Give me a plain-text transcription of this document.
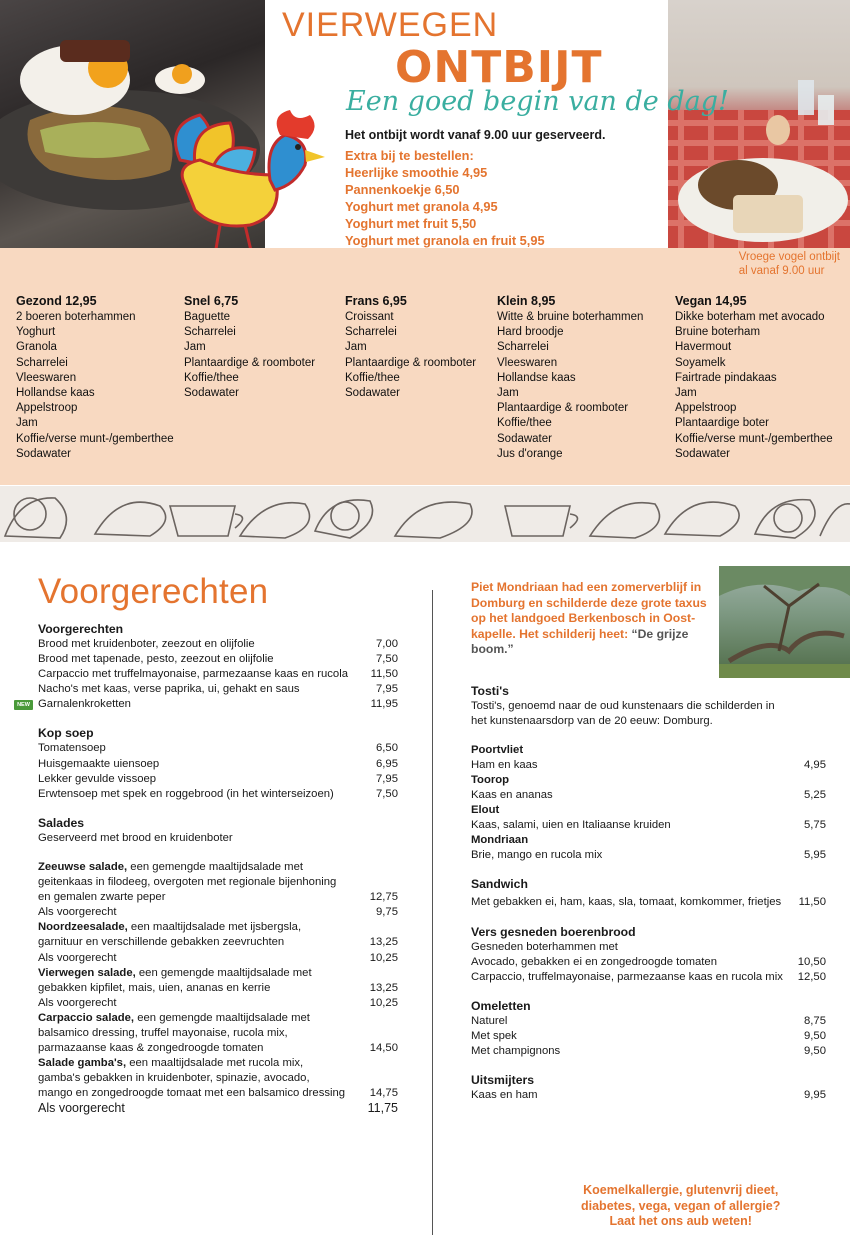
VIERWEGEN
ONTBIJT
Een goed begin van de dag!
Het ontbijt wordt vanaf 9.00 uur geserveerd.
Extra bij te bestellen:
Heerlijke smoothie 4,95
Pannenkoekje 6,50
Yoghurt met granola 4,95
Yoghurt met fruit 5,50
Yoghurt met granola en fruit 5,95
Vroege vogel ontbijt
al vanaf 9.00 uur
Gezond 12,95
2 boeren boterhammen
Yoghurt
Granola
Scharrelei
Vleeswaren
Hollandse kaas
Appelstroop
Jam
Koffie/verse munt-/gemberthee
Sodawater
Snel 6,75
Baguette
Scharrelei
Jam
Plantaardige & roomboter
Koffie/thee
Sodawater
Frans 6,95
Croissant
Scharrelei
Jam
Plantaardige & roomboter
Koffie/thee
Sodawater
Klein 8,95
Witte & bruine boterhammen
Hard broodje
Scharrelei
Vleeswaren
Hollandse kaas
Jam
Plantaardige & roomboter
Koffie/thee
Sodawater
Jus d'orange
Vegan 14,95
Dikke boterham met avocado
Bruine boterham
Havermout
Soyamelk
Fairtrade pindakaas
Jam
Appelstroop
Plantaardige boter
Koffie/verse munt-/gemberthee
Sodawater
Voorgerechten
Voorgerechten
Brood met kruidenboter, zeezout en olijfolie	7,00
Brood met tapenade, pesto, zeezout en olijfolie	7,50
Carpaccio met truffelmayonaise, parmezaanse kaas en rucola 11,50
Nacho's met kaas, verse paprika, ui, gehakt en saus	7,95
NEW Garnalenkroketten	11,95
Kop soep
Tomatensoep	6,50
Huisgemaakte uiensoep	6,95
Lekker gevulde vissoep	7,95
Erwtensoep met spek en roggebrood (in het winterseizoen)	7,50
Salades
Geserveerd met brood en kruidenboter
Zeeuwse salade, een gemengde maaltijdsalade met
geitenkaas in filodeeg, overgoten met regionale bijenhoning
en gemalen zwarte peper	12,75
Als voorgerecht	9,75
Noordzeesalade, een maaltijdsalade met ijsbergsla,
garnituur en verschillende gebakken zeevruchten	13,25
Als voorgerecht	10,25
Vierwegen salade, een gemengde maaltijdsalade met
gebakken kipfilet, mais, uien, ananas en kerrie	13,25
Als voorgerecht	10,25
Carpaccio salade, een gemengde maaltijdsalade met
balsamico dressing, truffel mayonaise, rucola mix,
parmazaanse kaas & zongedroogde tomaten	14,50
Salade gamba's, een maaltijdsalade met rucola mix,
gamba's gebakken in kruidenboter, spinazie, avocado,
mango en zongedroogde tomaat met een balsamico dressing 14,75
Als voorgerecht	11,75
Piet Mondriaan had een zomerverblijf in Domburg en schilderde deze grote taxus op het landgoed Berkenbosch in Oost-kapelle. Het schilderij heet: “De grijze boom.”
Tosti's
Tosti's, genoemd naar de oud kunstenaars die schilderden in het kunstenaarsdorp van de 20 eeuw: Domburg.
Poortvliet
Ham en kaas	4,95
Toorop
Kaas en ananas	5,25
Elout
Kaas, salami, uien en Italiaanse kruiden	5,75
Mondriaan
Brie, mango en rucola mix	5,95
Sandwich
Met gebakken ei, ham, kaas, sla, tomaat, komkommer, frietjes 11,50
Vers gesneden boerenbrood
Gesneden boterhammen met
Avocado, gebakken ei en zongedroogde tomaten	10,50
Carpaccio, truffelmayonaise, parmezaanse kaas en rucola mix 12,50
Omeletten
Naturel	8,75
Met spek	9,50
Met champignons	9,50
Uitsmijters
Kaas en ham	9,95
Koemelkallergie, glutenvrij dieet,
diabetes, vega, vegan of allergie?
Laat het ons aub weten!
